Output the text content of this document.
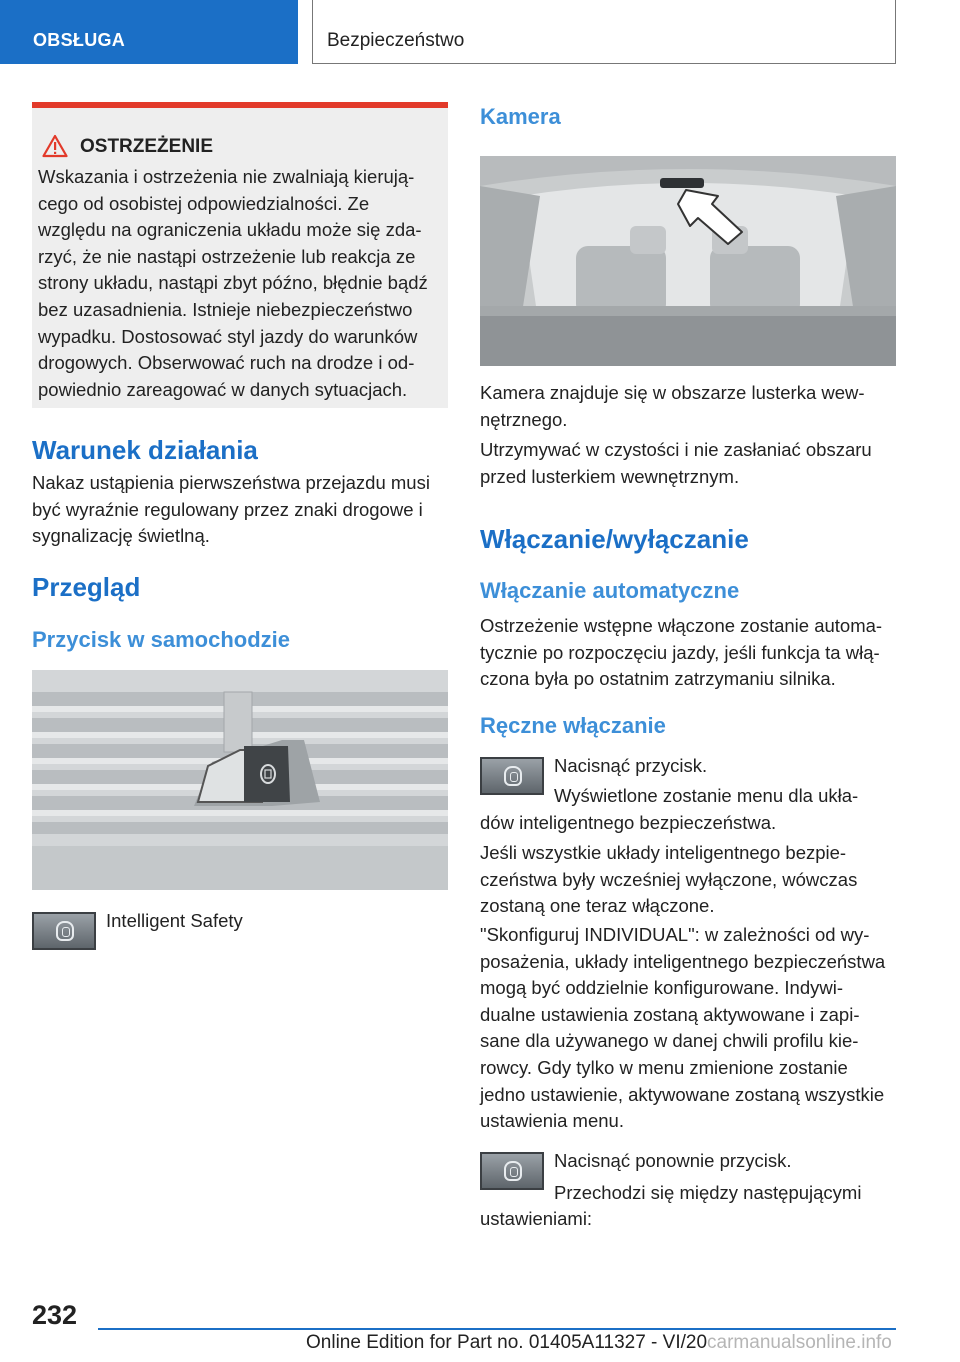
OBSŁUGA	Bezpieczeństwo
OSTRZEŻENIE
Wskazania i ostrzeżenia nie zwalniają kierują-
cego od osobistej odpowiedzialności. Ze
względu na ograniczenia układu może się zda-
rzyć, że nie nastąpi ostrzeżenie lub reakcja ze
strony układu, nastąpi zbyt późno, błędnie bądź
bez uzasadnienia. Istnieje niebezpieczeństwo
wypadku. Dostosować styl jazdy do warunków
drogowych. Obserwować ruch na drodze i od-
powiednio zareagować w danych sytuacjach.
Warunek działania
Nakaz ustąpienia pierwszeństwa przejazdu musi
być wyraźnie regulowany przez znaki drogowe i
sygnalizację świetlną.
Przegląd
Przycisk w samochodzie
Intelligent Safety
Kamera
Kamera znajduje się w obszarze lusterka wew-
nętrznego.
Utrzymywać w czystości i nie zasłaniać obszaru
przed lusterkiem wewnętrznym.
Włączanie/wyłączanie
Włączanie automatyczne
Ostrzeżenie wstępne włączone zostanie automa-
tycznie po rozpoczęciu jazdy, jeśli funkcja ta włą-
czona była po ostatnim zatrzymaniu silnika.
Ręczne włączanie
Nacisnąć przycisk.
Wyświetlone zostanie menu dla ukła-
dów inteligentnego bezpieczeństwa.
Jeśli wszystkie układy inteligentnego bezpie-
czeństwa były wcześniej wyłączone, wówczas
zostaną one teraz włączone.
"Skonfiguruj INDIVIDUAL": w zależności od wy-
posażenia, układy inteligentnego bezpieczeństwa
mogą być oddzielnie konfigurowane. Indywi-
dualne ustawienia zostaną aktywowane i zapi-
sane dla używanego w danej chwili profilu kie-
rowcy. Gdy tylko w menu zmienione zostanie
jedno ustawienie, aktywowane zostaną wszystkie
ustawienia menu.
Nacisnąć ponownie przycisk.
Przechodzi się między następującymi
ustawieniami:
232
Online Edition for Part no. 01405A11327 - VI/20carmanualsonline.info
